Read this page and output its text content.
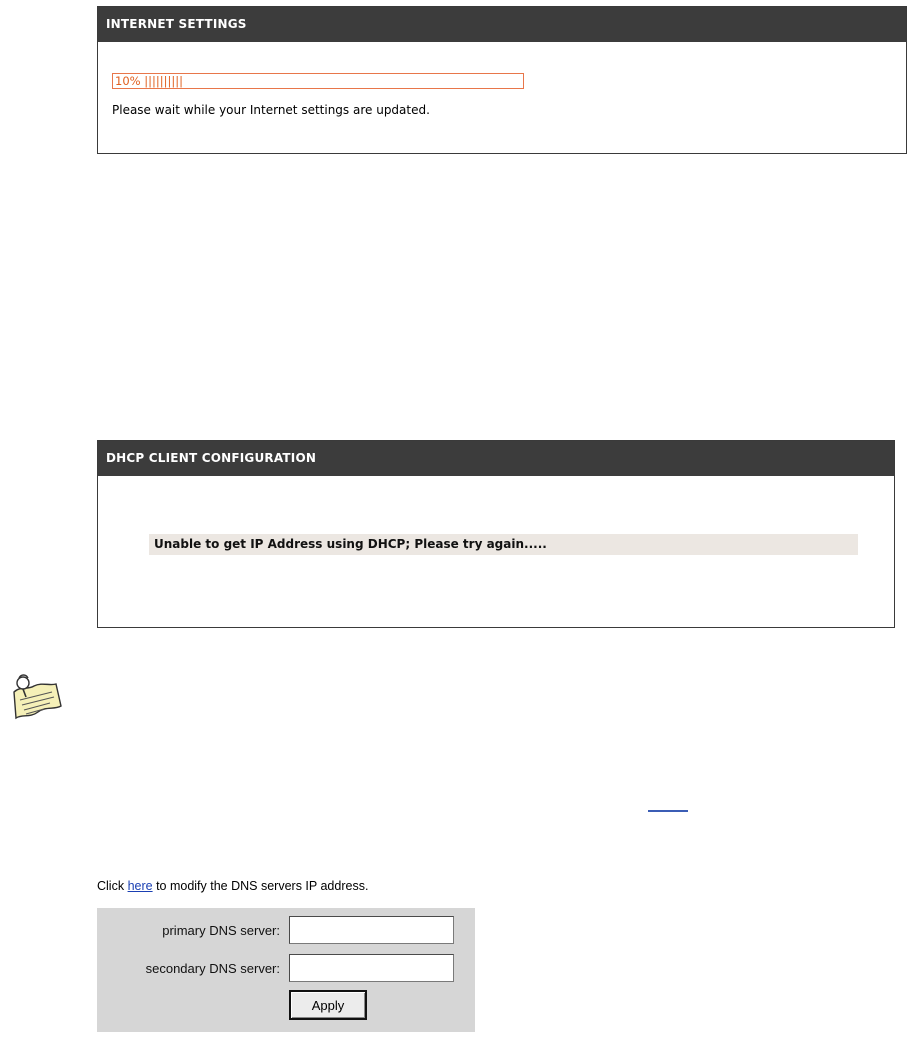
INTERNET SETTINGS
10% ||||||||||
Please wait while your Internet settings are updated.
DHCP CLIENT CONFIGURATION
Unable to get IP Address using DHCP; Please try again.....
Click here to modify the DNS servers IP address.
primary DNS server:
secondary DNS server:
Apply
